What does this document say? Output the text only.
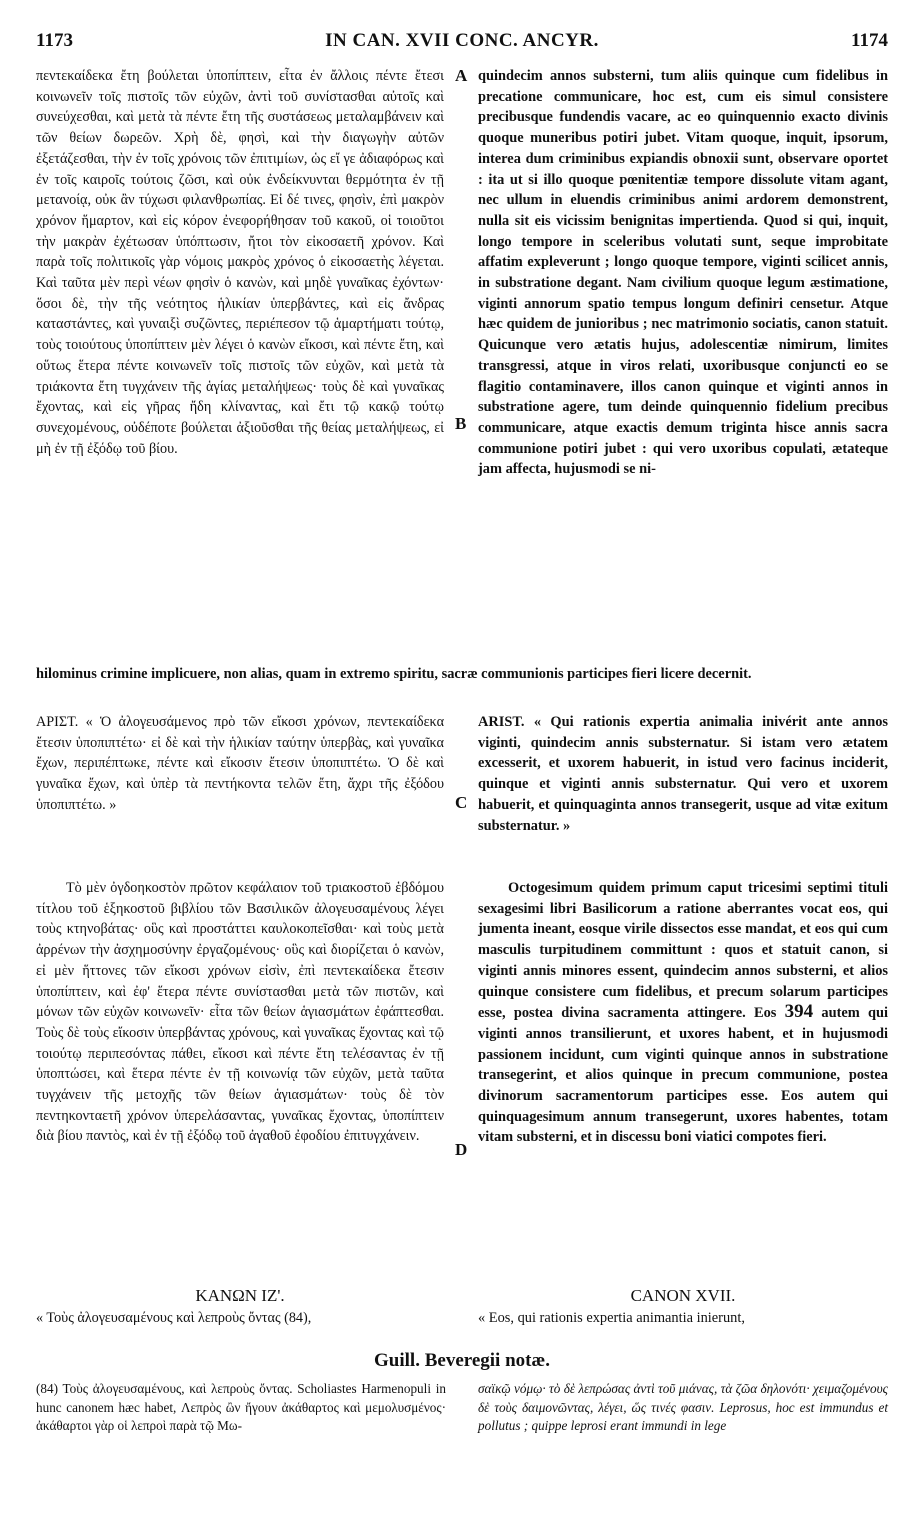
1173	IN CAN. XVII CONC. ANCYR.	1174
πεντεκαίδεκα ἔτη βούλεται ὑποπίπτειν, εἶτα ἐν ἄλλοις πέντε ἔτεσι κοινωνεῖν τοῖς πιστοῖς τῶν εὐχῶν, ἀντὶ τοῦ συνίστασθαι αὐτοῖς καὶ συνεύχεσθαι, καὶ μετὰ τὰ πέντε ἔτη τῆς συστάσεως μεταλαμβάνειν καὶ τῶν θείων δωρεῶν. Χρὴ δὲ, φησὶ, καὶ τὴν διαγωγὴν αὐτῶν ἐξετάζεσθαι, τὴν ἐν τοῖς χρόνοις τῶν ἐπιτιμίων, ὡς εἴ γε ἀδιαφόρως καὶ ἐν τοῖς καιροῖς τούτοις ζῶσι, καὶ οὐκ ἐνδείκνυνται θερμότητα ἐν τῇ μετανοίᾳ, οὐκ ἂν τύχωσι φιλανθρωπίας. Εἰ δέ τινες, φησὶν, ἐπὶ μακρὸν χρόνον ἥμαρτον, καὶ εἰς κόρον ἐνεφορήθησαν τοῦ κακοῦ, οἱ τοιοῦτοι τὴν μακρὰν ἐχέτωσαν ὑπόπτωσιν, ἤτοι τὸν εἰκοσαετῆ χρόνον. Καὶ παρὰ τοῖς πολιτικοῖς γὰρ νόμοις μακρὸς χρόνος ὁ εἰκοσαετὴς λέγεται. Καὶ ταῦτα μὲν περὶ νέων φησὶν ὁ κανὼν, καὶ μηδὲ γυναῖκας ἐχόντων· ὅσοι δὲ, τὴν τῆς νεότητος ἡλικίαν ὑπερβάντες, καὶ εἰς ἄνδρας καταστάντες, καὶ γυναιξὶ συζῶντες, περιέπεσον τῷ ἁμαρτήματι τούτῳ, τοὺς τοιούτους ὑποπίπτειν μὲν λέγει ὁ κανὼν εἴκοσι, καὶ πέντε ἔτη, καὶ οὕτως ἕτερα πέντε κοινωνεῖν τοῖς πιστοῖς τῶν εὐχῶν, καὶ μετὰ τὰ τριάκοντα ἔτη τυγχάνειν τῆς ἁγίας μεταλήψεως· τοὺς δὲ καὶ γυναῖκας ἔχοντας, καὶ εἰς γῆρας ἤδη κλίναντας, καὶ ἔτι τῷ κακῷ τούτῳ συνεχομένους, οὐδέποτε βούλεται ἀξιοῦσθαι τῆς θείας μεταλήψεως, εἰ μὴ ἐν τῇ ἐξόδῳ τοῦ βίου.
quindecim annos substerni, tum aliis quinque cum fidelibus in precatione communicare, hoc est, cum eis simul consistere precibusque fundendis vacare, ac eo quinquennio exacto divinis quoque muneribus potiri jubet. Vitam quoque, inquit, ipsorum, interea dum criminibus expiandis obnoxii sunt, observare oportet : ita ut si illo quoque pœnitentiæ tempore dissolute vitam agant, nec ullum in eluendis criminibus animi ardorem demonstrent, nulla sit eis vicissim benignitas impertienda. Quod si qui, inquit, longo tempore in sceleribus volutati sunt, seque improbitate affatim expleverunt ; longo quoque tempore, viginti scilicet annis, in substratione degant. Nam civilium quoque legum æstimatione, viginti annorum spatio tempus longum definiri censetur. Atque hæc quidem de junioribus ; nec matrimonio sociatis, canon statuit. Quicunque vero ætatis hujus, adolescentiæ nimirum, limites transgressi, atque in viros relati, uxoribusque conjuncti eo se flagitio contaminavere, illos canon quinque et viginti annos in substratione agere, tum deinde quinquennio fidelium precibus communicare, atque exactis demum triginta hisce annis sacra communione potiri jubet : qui vero uxoribus copulati, ætateque jam affecta, hujusmodi se ni-
hilominus crimine implicuere, non alias, quam in extremo spiritu, sacræ communionis participes fieri licere decernit.
A
B
C
D
ΑΡΙΣΤ. « Ὁ ἀλογευσάμενος πρὸ τῶν εἴκοσι χρόνων, πεντεκαίδεκα ἔτεσιν ὑποπιπτέτω· εἰ δὲ καὶ τὴν ἡλικίαν ταύτην ὑπερβὰς, καὶ γυναῖκα ἔχων, περιπέπτωκε, πέντε καὶ εἴκοσιν ἔτεσιν ὑποπιπτέτω. Ὁ δὲ καὶ γυναῖκα ἔχων, καὶ ὑπὲρ τὰ πεντήκοντα τελῶν ἔτη, ἄχρι τῆς ἐξόδου ὑποπιπτέτω. »
Τὸ μὲν ὀγδοηκοστὸν πρῶτον κεφάλαιον τοῦ τριακοστοῦ ἑβδόμου τίτλου τοῦ ἑξηκοστοῦ βιβλίου τῶν Βασιλικῶν ἀλογευσαμένους λέγει τοὺς κτηνοβάτας· οὓς καὶ προστάττει καυλοκοπεῖσθαι· καὶ τοὺς μετὰ ἀρρένων τὴν ἀσχημοσύνην ἐργαζομένους· οὓς καὶ διορίζεται ὁ κανὼν, εἰ μὲν ἥττονες τῶν εἴκοσι χρόνων εἰσὶν, ἐπὶ πεντεκαίδεκα ἔτεσιν ὑποπίπτειν, καὶ ἐφ' ἕτερα πέντε συνίστασθαι μετὰ τῶν πιστῶν, καὶ μόνων τῶν εὐχῶν κοινωνεῖν· εἶτα τῶν θείων ἁγιασμάτων ἐφάπτεσθαι. Τοὺς δὲ τοὺς εἴκοσιν ὑπερβάντας χρόνους, καὶ γυναῖκας ἔχοντας καὶ τῷ τοιούτῳ περιπεσόντας πάθει, εἴκοσι καὶ πέντε ἔτη τελέσαντας ἐν τῇ ὑποπτώσει, καὶ ἕτερα πέντε ἐν τῇ κοινωνίᾳ τῶν εὐχῶν, μετὰ ταῦτα τυγχάνειν τῆς μετοχῆς τῶν θείων ἁγιασμάτων· τοὺς δὲ τὸν πεντηκονταετῆ χρόνον ὑπερελάσαντας, γυναῖκας ἔχοντας, ὑποπίπτειν διὰ βίου παντὸς, καὶ ἐν τῇ ἐξόδῳ τοῦ ἀγαθοῦ ἐφοδίου ἐπιτυγχάνειν.
ARIST. « Qui rationis expertia animalia inivérit ante annos viginti, quindecim annis substernatur. Si istam vero ætatem excesserit, et uxorem habuerit, in istud vero facinus inciderit, quinque et viginti annis substernatur. Qui vero et uxorem habuerit, et quinquaginta annos transegerit, usque ad vitæ exitum substernatur. »
Octogesimum quidem primum caput tricesimi septimi tituli sexagesimi libri Basilicorum a ratione aberrantes vocat eos, qui jumenta ineant, eosque virile dissectos esse mandat, et eos qui cum masculis turpitudinem committunt : quos et statuit canon, si viginti annis minores essent, quindecim annos substerni, et alios quinque consistere cum fidelibus, et precum solarum participes esse, postea divina sacramenta attingere. Eos 394 autem qui viginti annos transilierunt, et uxores habent, et in hujusmodi passionem incidunt, cum viginti quinque annos in substratione transegerint, et alios quinque in precum communione, postea divinorum sacramentorum participes esse. Eos autem qui quinquagesimum annum transegerunt, uxores habentes, totam vitam substerni, et in discessu boni viatici compotes fieri.
ΚΑΝΩΝ ΙΖ'.
« Τοὺς ἀλογευσαμένους καὶ λεπροὺς ὄντας (84),
CANON XVII.
« Eos, qui rationis expertia animantia inierunt,
Guill. Beveregii notæ.
(84) Τοὺς ἀλογευσαμένους, καὶ λεπροὺς ὄντας. Scholiastes Harmenopuli in hunc canonem hæc habet, Λεπρὸς ὢν ἤγουν ἀκάθαρτος καὶ μεμολυσμένος· ἀκάθαρτοι γὰρ οἱ λεπροὶ παρὰ τῷ Μω-
σαϊκῷ νόμῳ· τὸ δὲ λεπρώσας ἀντὶ τοῦ μιάνας, τὰ ζῶα δηλονότι· χειμαζομένους δὲ τοὺς δαιμονῶντας, λέγει, ὥς τινές φασιν. Leprosus, hoc est immundus et pollutus ; quippe leprosi erant immundi in lege
